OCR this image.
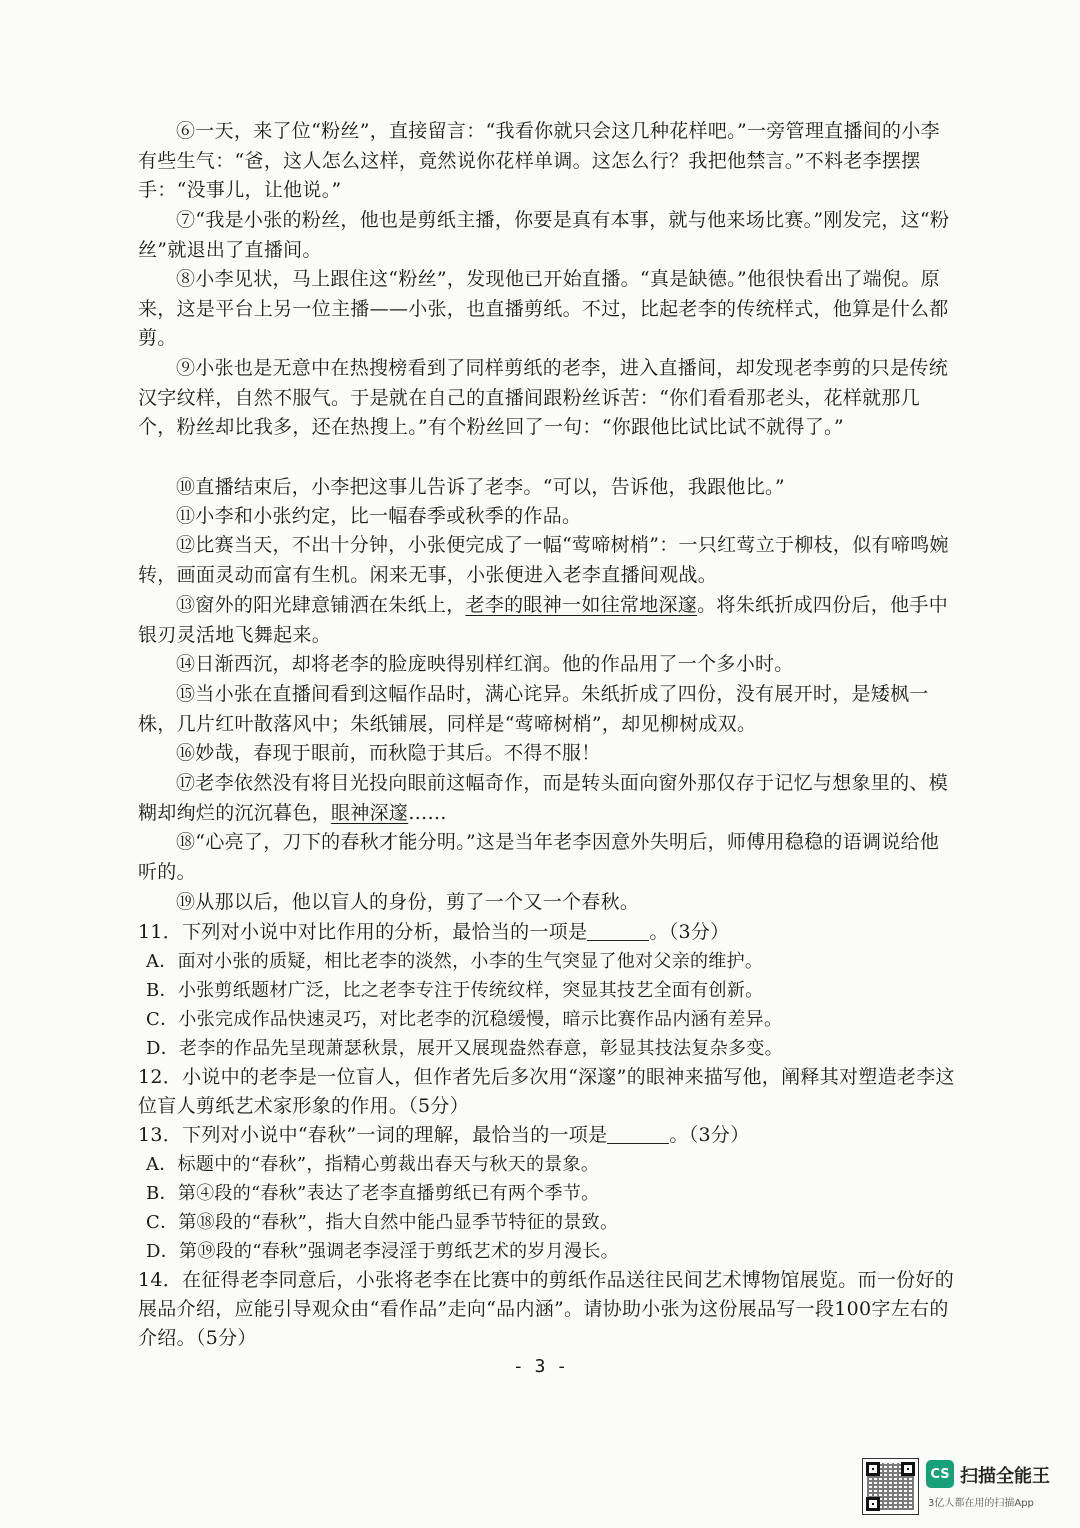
⑥一天，来了位“粉丝”，直接留言：“我看你就只会这几种花样吧。”一旁管理直播间的小李有些生气：“爸，这人怎么这样，竟然说你花样单调。这怎么行？我把他禁言。”不料老李摆摆手：“没事儿，让他说。”
⑦“我是小张的粉丝，他也是剪纸主播，你要是真有本事，就与他来场比赛。”刚发完，这“粉丝”就退出了直播间。
⑧小李见状，马上跟住这“粉丝”，发现他已开始直播。“真是缺德。”他很快看出了端倪。原来，这是平台上另一位主播——小张，也直播剪纸。不过，比起老李的传统样式，他算是什么都剪。
⑨小张也是无意中在热搜榜看到了同样剪纸的老李，进入直播间，却发现老李剪的只是传统汉字纹样，自然不服气。于是就在自己的直播间跟粉丝诉苦：“你们看看那老头，花样就那几个，粉丝却比我多，还在热搜上。”有个粉丝回了一句：“你跟他比试比试不就得了。”
⑩直播结束后，小李把这事儿告诉了老李。“可以，告诉他，我跟他比。”
⑪小李和小张约定，比一幅春季或秋季的作品。
⑫比赛当天，不出十分钟，小张便完成了一幅“莺啼树梢”：一只红莺立于柳枝，似有啼鸣婉转，画面灵动而富有生机。闲来无事，小张便进入老李直播间观战。
⑬窗外的阳光肆意铺洒在朱纸上，老李的眼神一如往常地深邃。将朱纸折成四份后，他手中银刃灵活地飞舞起来。
⑭日渐西沉，却将老李的脸庞映得别样红润。他的作品用了一个多小时。
⑮当小张在直播间看到这幅作品时，满心诧异。朱纸折成了四份，没有展开时，是矮枫一株，几片红叶散落风中；朱纸铺展，同样是“莺啼树梢”，却见柳树成双。
⑯妙哉，春现于眼前，而秋隐于其后。不得不服！
⑰老李依然没有将目光投向眼前这幅奇作，而是转头面向窗外那仅存于记忆与想象里的、模糊却绚烂的沉沉暮色，眼神深邃……
⑱“心亮了，刀下的春秋才能分明。”这是当年老李因意外失明后，师傅用稳稳的语调说给他听的。
⑲从那以后，他以盲人的身份，剪了一个又一个春秋。
11．下列对小说中对比作用的分析，最恰当的一项是	。（3分）
A．面对小张的质疑，相比老李的淡然，小李的生气突显了他对父亲的维护。
B．小张剪纸题材广泛，比之老李专注于传统纹样，突显其技艺全面有创新。
C．小张完成作品快速灵巧，对比老李的沉稳缓慢，暗示比赛作品内涵有差异。
D．老李的作品先呈现萧瑟秋景，展开又展现盎然春意，彰显其技法复杂多变。
12．小说中的老李是一位盲人，但作者先后多次用“深邃”的眼神来描写他，阐释其对塑造老李这位盲人剪纸艺术家形象的作用。（5分）
13．下列对小说中“春秋”一词的理解，最恰当的一项是	。（3分）
A．标题中的“春秋”，指精心剪裁出春天与秋天的景象。
B．第④段的“春秋”表达了老李直播剪纸已有两个季节。
C．第⑱段的“春秋”，指大自然中能凸显季节特征的景致。
D．第⑲段的“春秋”强调老李浸淫于剪纸艺术的岁月漫长。
14．在征得老李同意后，小张将老李在比赛中的剪纸作品送往民间艺术博物馆展览。而一份好的展品介绍，应能引导观众由“看作品”走向“品内涵”。请协助小张为这份展品写一段100字左右的介绍。（5分）
- 3 -
CS 扫描全能王
3亿人都在用的扫描App
